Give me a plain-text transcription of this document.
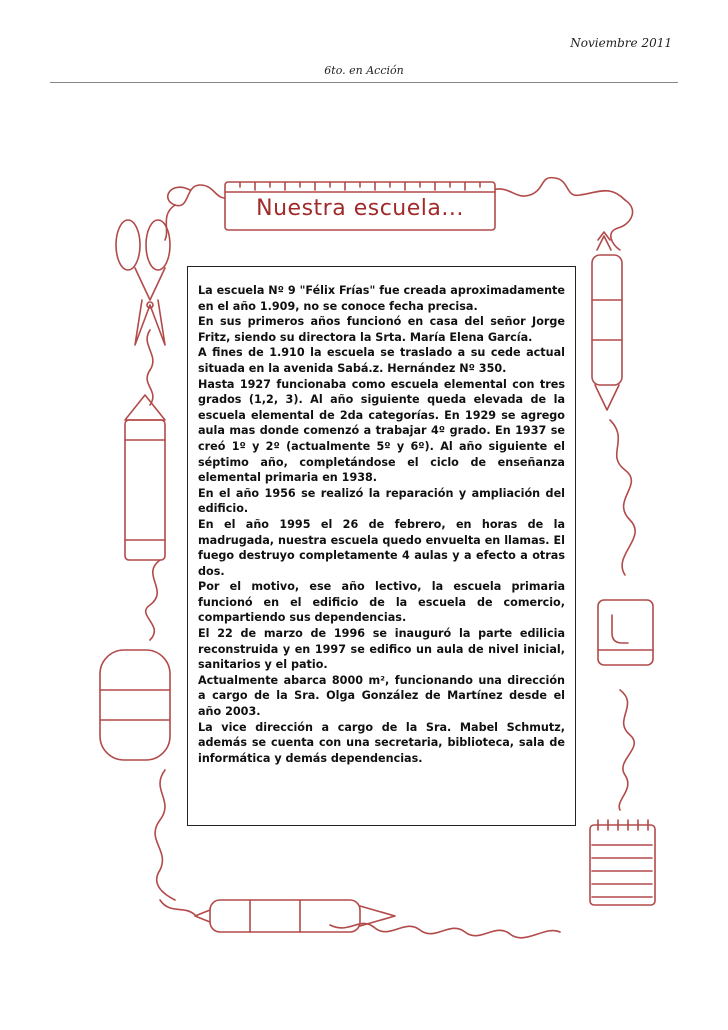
Noviembre 2011
6to. en Acción
Nuestra escuela...

La escuela Nº 9 "Félix Frías" fue creada aproximadamente en el año 1.909, no se conoce fecha precisa.

En sus primeros años funcionó en casa del señor Jorge Fritz, siendo su directora la Srta. María Elena García.

A fines de 1.910 la escuela se traslado a su cede actual situada en la avenida Sabá.z. Hernández Nº 350.

Hasta 1927 funcionaba como escuela elemental con tres grados (1,2, 3). Al año siguiente queda elevada de la escuela elemental de 2da categorías. En 1929 se agrego aula mas donde comenzó a trabajar 4º grado. En 1937 se creó 1º y 2º (actualmente 5º y 6º). Al año siguiente el séptimo año, completándose el ciclo de enseñanza elemental primaria en 1938.

En el año 1956 se realizó la reparación y ampliación del edificio.

En el año 1995 el 26 de febrero, en horas de la madrugada, nuestra escuela quedo envuelta en llamas. El fuego destruyo completamente 4 aulas y a efecto a otras dos.

Por el motivo, ese año lectivo, la escuela primaria funcionó en el edificio de la escuela de comercio, compartiendo sus dependencias.

El 22 de marzo de 1996 se inauguró la parte edilicia reconstruida y en 1997 se edifico un aula de nivel inicial, sanitarios y el patio.

Actualmente abarca 8000 m², funcionando una dirección a cargo de la Sra. Olga González de Martínez desde el año 2003.

La vice dirección a cargo de la Sra. Mabel Schmutz, además se cuenta con una secretaria, biblioteca, sala de informática y demás dependencias.
